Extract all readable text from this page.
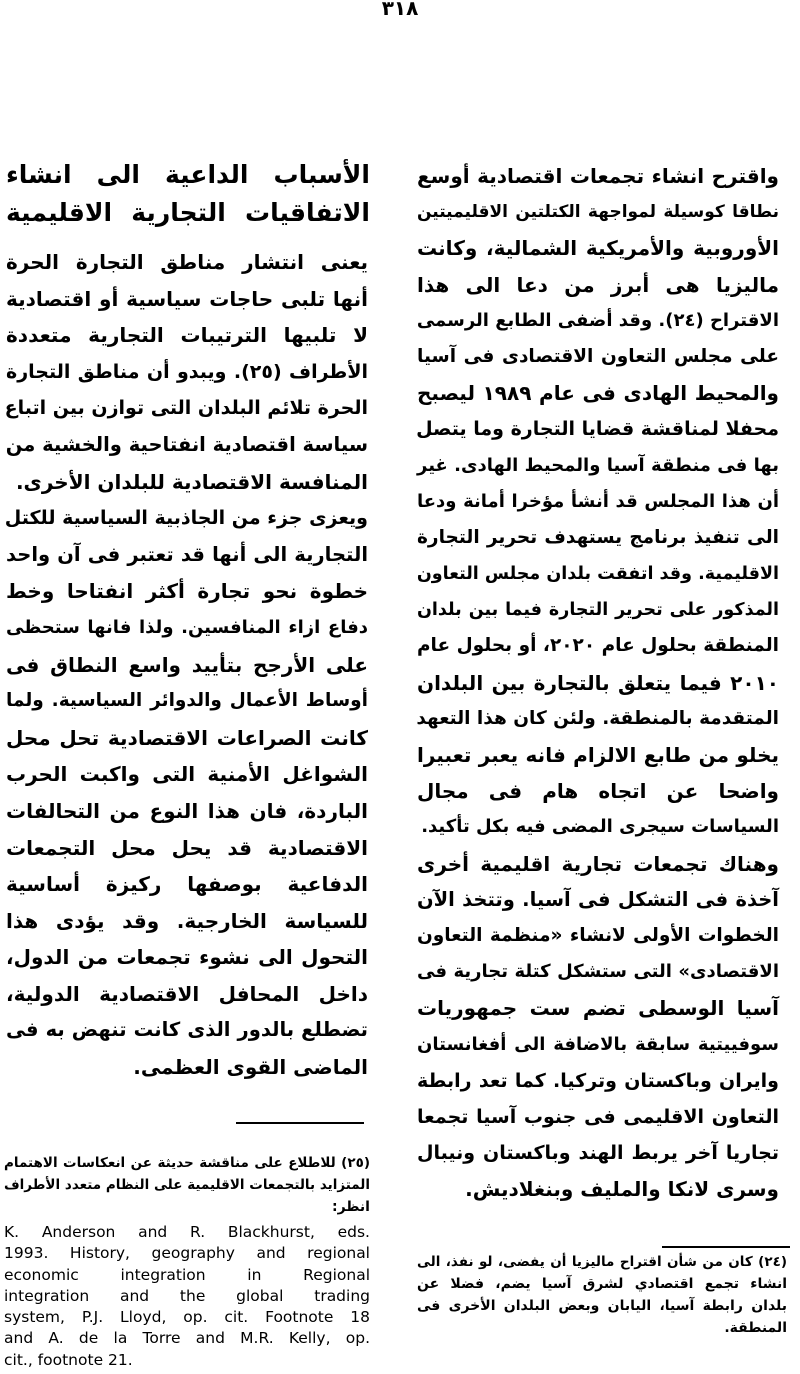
٣١٨
واقترح انشاء تجمعات اقتصادية أوسع
نطاقا كوسيلة لمواجهة الكتلتين الاقليميتين
الأوروبية والأمريكية الشمالية، وكانت
ماليزيا هى أبرز من دعا الى هذا
الاقتراح (٢٤). وقد أضفى الطابع الرسمى
على مجلس التعاون الاقتصادى فى آسيا
والمحيط الهادى فى عام ١٩٨٩ ليصبح
محفلا لمناقشة قضايا التجارة وما يتصل
بها فى منطقة آسيا والمحيط الهادى. غير
أن هذا المجلس قد أنشأ مؤخرا أمانة ودعا
الى تنفيذ برنامج يستهدف تحرير التجارة
الاقليمية. وقد اتفقت بلدان مجلس التعاون
المذكور على تحرير التجارة فيما بين بلدان
المنطقة بحلول عام ٢٠٢٠، أو بحلول عام
٢٠١٠ فيما يتعلق بالتجارة بين البلدان
المتقدمة بالمنطقة. ولئن كان هذا التعهد
يخلو من طابع الالزام فانه يعبر تعبيرا
واضحا عن اتجاه هام فى مجال
السياسات سيجرى المضى فيه بكل تأكيد.
وهناك تجمعات تجارية اقليمية أخرى
آخذة فى التشكل فى آسيا. وتتخذ الآن
الخطوات الأولى لانشاء «منظمة التعاون
الاقتصادى» التى ستشكل كتلة تجارية فى
آسيا الوسطى تضم ست جمهوريات
سوفييتية سابقة بالاضافة الى أفغانستان
وايران وباكستان وتركيا. كما تعد رابطة
التعاون الاقليمى فى جنوب آسيا تجمعا
تجاريا آخر يربط الهند وباكستان ونيبال
وسرى لانكا والمليف وبنغلاديش.
الأسباب الداعية الى انشاء
الاتفاقيات التجارية الاقليمية
يعنى انتشار مناطق التجارة الحرة
أنها تلبى حاجات سياسية أو اقتصادية
لا تلبيها الترتيبات التجارية متعددة
الأطراف (٢٥). ويبدو أن مناطق التجارة
الحرة تلائم البلدان التى توازن بين اتباع
سياسة اقتصادية انفتاحية والخشية من
المنافسة الاقتصادية للبلدان الأخرى.
ويعزى جزء من الجاذبية السياسية للكتل
التجارية الى أنها قد تعتبر فى آن واحد
خطوة نحو تجارة أكثر انفتاحا وخط
دفاع ازاء المنافسين. ولذا فانها ستحظى
على الأرجح بتأييد واسع النطاق فى
أوساط الأعمال والدوائر السياسية. ولما
كانت الصراعات الاقتصادية تحل محل
الشواغل الأمنية التى واكبت الحرب
الباردة، فان هذا النوع من التحالفات
الاقتصادية قد يحل محل التجمعات
الدفاعية بوصفها ركيزة أساسية
للسياسة الخارجية. وقد يؤدى هذا
التحول الى نشوء تجمعات من الدول،
داخل المحافل الاقتصادية الدولية،
تضطلع بالدور الذى كانت تنهض به فى
الماضى القوى العظمى.
(٢٤) كان من شأن اقتراح ماليزيا أن يفضى، لو نفذ، الى
انشاء تجمع اقتصادي لشرق آسيا يضم، فضلا عن
بلدان رابطة آسيا، اليابان وبعض البلدان الأخرى فى
المنطقة.
(٢٥) للاطلاع على مناقشة حديثة عن انعكاسات الاهتمام
المتزايد بالتجمعات الاقليمية على النظام متعدد الأطراف
انظر:
K. Anderson and R. Blackhurst, eds.
1993. History, geography and regional
economic integration in Regional
integration and the global trading
system, P.J. Lloyd, op. cit. Footnote 18
and A. de la Torre and M.R. Kelly, op.
cit., footnote 21.
